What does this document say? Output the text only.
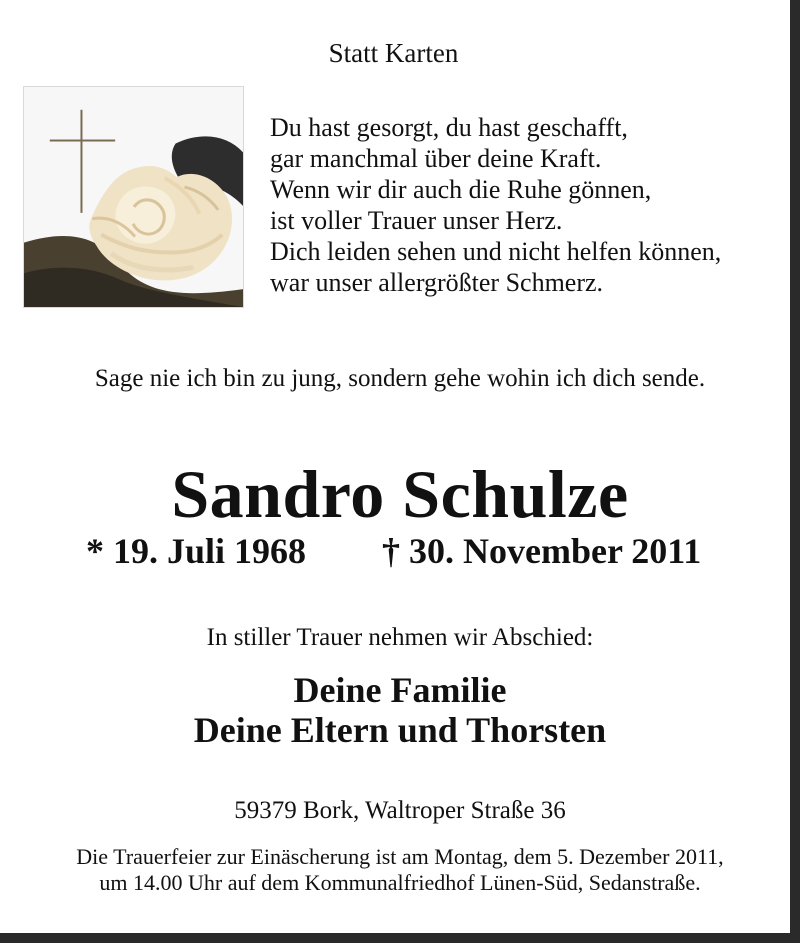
Statt Karten
Du hast gesorgt, du hast geschafft,
gar manchmal über deine Kraft.
Wenn wir dir auch die Ruhe gönnen,
ist voller Trauer unser Herz.
Dich leiden sehen und nicht helfen können,
war unser allergrößter Schmerz.
Sage nie ich bin zu jung, sondern gehe wohin ich dich sende.
Sandro Schulze
* 19. Juli 1968 † 30. November 2011
In stiller Trauer nehmen wir Abschied:
Deine Familie
Deine Eltern und Thorsten
59379 Bork, Waltroper Straße 36
Die Trauerfeier zur Einäscherung ist am Montag, dem 5. Dezember 2011,
um 14.00 Uhr auf dem Kommunalfriedhof Lünen-Süd, Sedanstraße.
